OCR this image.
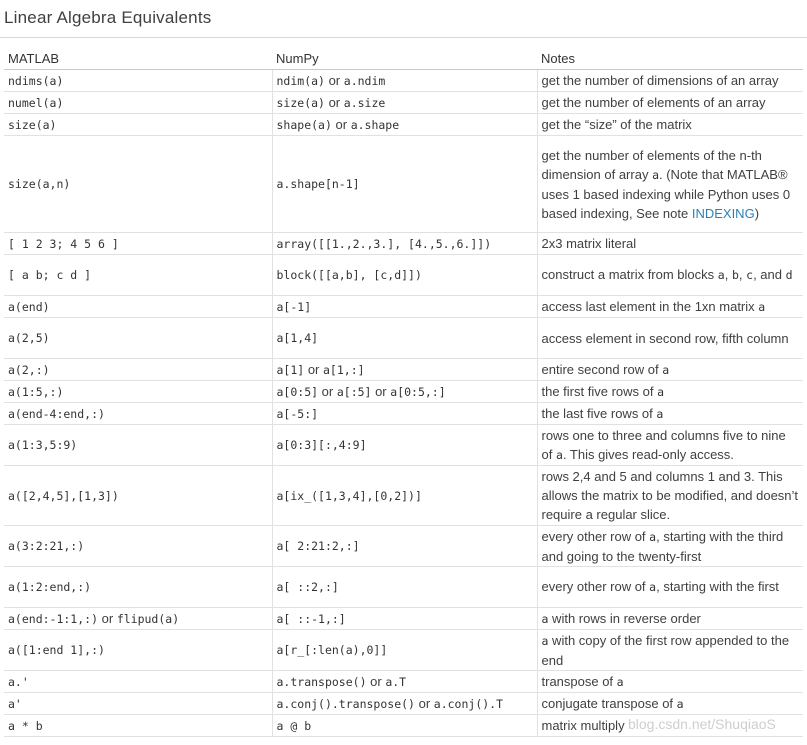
Linear Algebra Equivalents
MATLAB	NumPy	Notes
ndims(a)	ndim(a) or a.ndim	get the number of dimensions of an array
numel(a)	size(a) or a.size	get the number of elements of an array
size(a)	shape(a) or a.shape	get the “size” of the matrix
size(a,n)	a.shape[n-1]	get the number of elements of the n-th dimension of array a. (Note that MATLAB® uses 1 based indexing while Python uses 0 based indexing, See note INDEXING)
[ 1 2 3; 4 5 6 ]	array([[1.,2.,3.], [4.,5.,6.]])	2x3 matrix literal
[ a b; c d ]	block([[a,b], [c,d]])	construct a matrix from blocks a, b, c, and d
a(end)	a[-1]	access last element in the 1xn matrix a
a(2,5)	a[1,4]	access element in second row, fifth column
a(2,:)	a[1] or a[1,:]	entire second row of a
a(1:5,:)	a[0:5] or a[:5] or a[0:5,:]	the first five rows of a
a(end-4:end,:)	a[-5:]	the last five rows of a
a(1:3,5:9)	a[0:3][:,4:9]	rows one to three and columns five to nine of a. This gives read-only access.
a([2,4,5],[1,3])	a[ix_([1,3,4],[0,2])]	rows 2,4 and 5 and columns 1 and 3. This allows the matrix to be modified, and doesn’t require a regular slice.
a(3:2:21,:)	a[ 2:21:2,:]	every other row of a, starting with the third and going to the twenty-first
a(1:2:end,:)	a[ ::2,:]	every other row of a, starting with the first
a(end:-1:1,:) or flipud(a)	a[ ::-1,:]	a with rows in reverse order
a([1:end 1],:)	a[r_[:len(a),0]]	a with copy of the first row appended to the end
a.'	a.transpose() or a.T	transpose of a
a'	a.conj().transpose() or a.conj().T	conjugate transpose of a
a * b	a @ b	matrix multiply blog.csdn.net/ShuqiaoS
